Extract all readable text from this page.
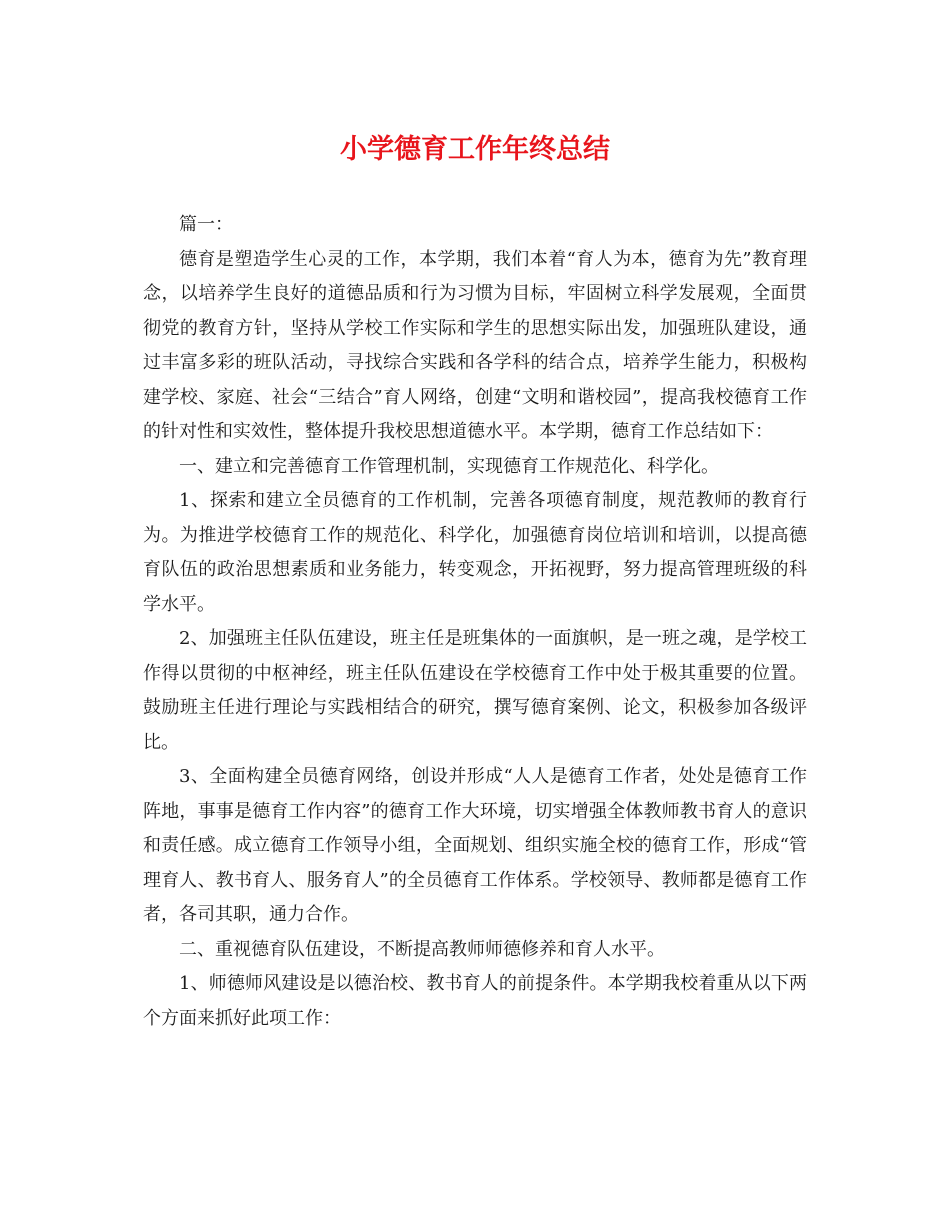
小学德育工作年终总结

篇一：

德育是塑造学生心灵的工作，本学期，我们本着“育人为本，德育为先”教育理念，以培养学生良好的道德品质和行为习惯为目标，牢固树立科学发展观，全面贯彻党的教育方针，坚持从学校工作实际和学生的思想实际出发，加强班队建设，通过丰富多彩的班队活动，寻找综合实践和各学科的结合点，培养学生能力，积极构建学校、家庭、社会“三结合”育人网络，创建“文明和谐校园”，提高我校德育工作的针对性和实效性，整体提升我校思想道德水平。本学期，德育工作总结如下：

一、建立和完善德育工作管理机制，实现德育工作规范化、科学化。

1、探索和建立全员德育的工作机制，完善各项德育制度，规范教师的教育行为。为推进学校德育工作的规范化、科学化，加强德育岗位培训和培训，以提高德育队伍的政治思想素质和业务能力，转变观念，开拓视野，努力提高管理班级的科学水平。

2、加强班主任队伍建设，班主任是班集体的一面旗帜，是一班之魂，是学校工作得以贯彻的中枢神经，班主任队伍建设在学校德育工作中处于极其重要的位置。鼓励班主任进行理论与实践相结合的研究，撰写德育案例、论文，积极参加各级评比。

3、全面构建全员德育网络，创设并形成“人人是德育工作者，处处是德育工作阵地，事事是德育工作内容”的德育工作大环境，切实增强全体教师教书育人的意识和责任感。成立德育工作领导小组，全面规划、组织实施全校的德育工作，形成“管理育人、教书育人、服务育人”的全员德育工作体系。学校领导、教师都是德育工作者，各司其职，通力合作。

二、重视德育队伍建设，不断提高教师师德修养和育人水平。

1、师德师风建设是以德治校、教书育人的前提条件。本学期我校着重从以下两个方面来抓好此项工作：
